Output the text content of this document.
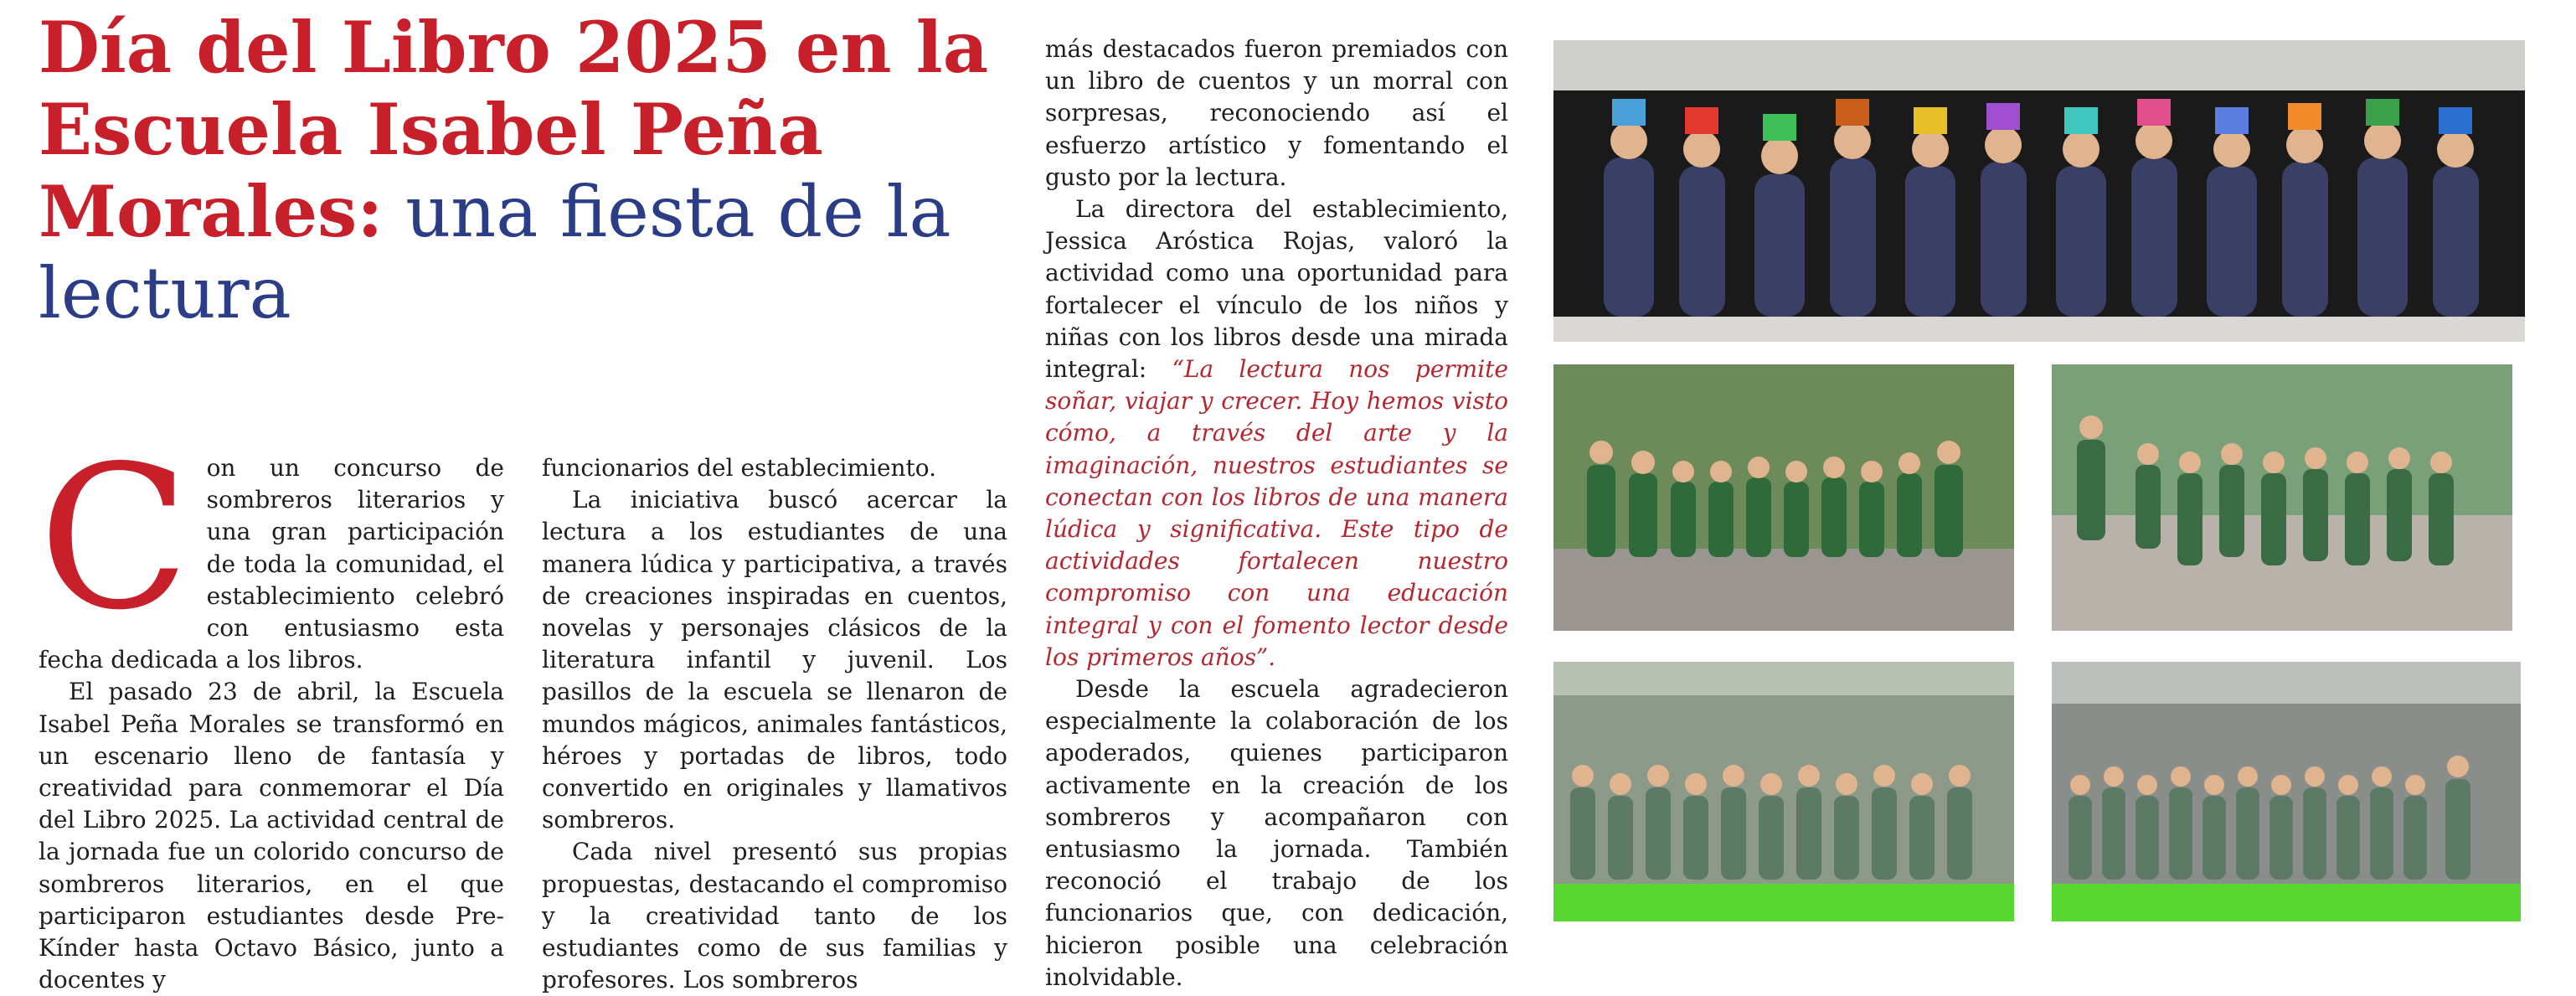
Día del Libro 2025 en la Escuela Isabel Peña Morales: una fiesta de la lectura
C on un concurso de sombreros literarios y una gran participación de toda la comunidad, el establecimiento celebró con entusiasmo esta fecha dedicada a los libros.

El pasado 23 de abril, la Escuela Isabel Peña Morales se transformó en un escenario lleno de fantasía y creatividad para conmemorar el Día del Libro 2025. La actividad central de la jornada fue un colorido concurso de sombreros literarios, en el que participaron estudiantes desde Pre-Kínder hasta Octavo Básico, junto a docentes y

funcionarios del establecimiento.

La iniciativa buscó acercar la lectura a los estudiantes de una manera lúdica y participativa, a través de creaciones inspiradas en cuentos, novelas y personajes clásicos de la literatura infantil y juvenil. Los pasillos de la escuela se llenaron de mundos mágicos, animales fantásticos, héroes y portadas de libros, todo convertido en originales y llamativos sombreros.

Cada nivel presentó sus propias propuestas, destacando el compromiso y la creatividad tanto de los estudiantes como de sus familias y profesores. Los sombreros

más destacados fueron premiados con un libro de cuentos y un morral con sorpresas, reconociendo así el esfuerzo artístico y fomentando el gusto por la lectura.

La directora del establecimiento, Jessica Aróstica Rojas, valoró la actividad como una oportunidad para fortalecer el vínculo de los niños y niñas con los libros desde una mirada integral: “La lectura nos permite soñar, viajar y crecer. Hoy hemos visto cómo, a través del arte y la imaginación, nuestros estudiantes se conectan con los libros de una manera lúdica y significativa. Este tipo de actividades fortalecen nuestro compromiso con una educación integral y con el fomento lector desde los primeros años”.

Desde la escuela agradecieron especialmente la colaboración de los apoderados, quienes participaron activamente en la creación de los sombreros y acompañaron con entusiasmo la jornada. También reconoció el trabajo de los funcionarios que, con dedicación, hicieron posible una celebración inolvidable.
